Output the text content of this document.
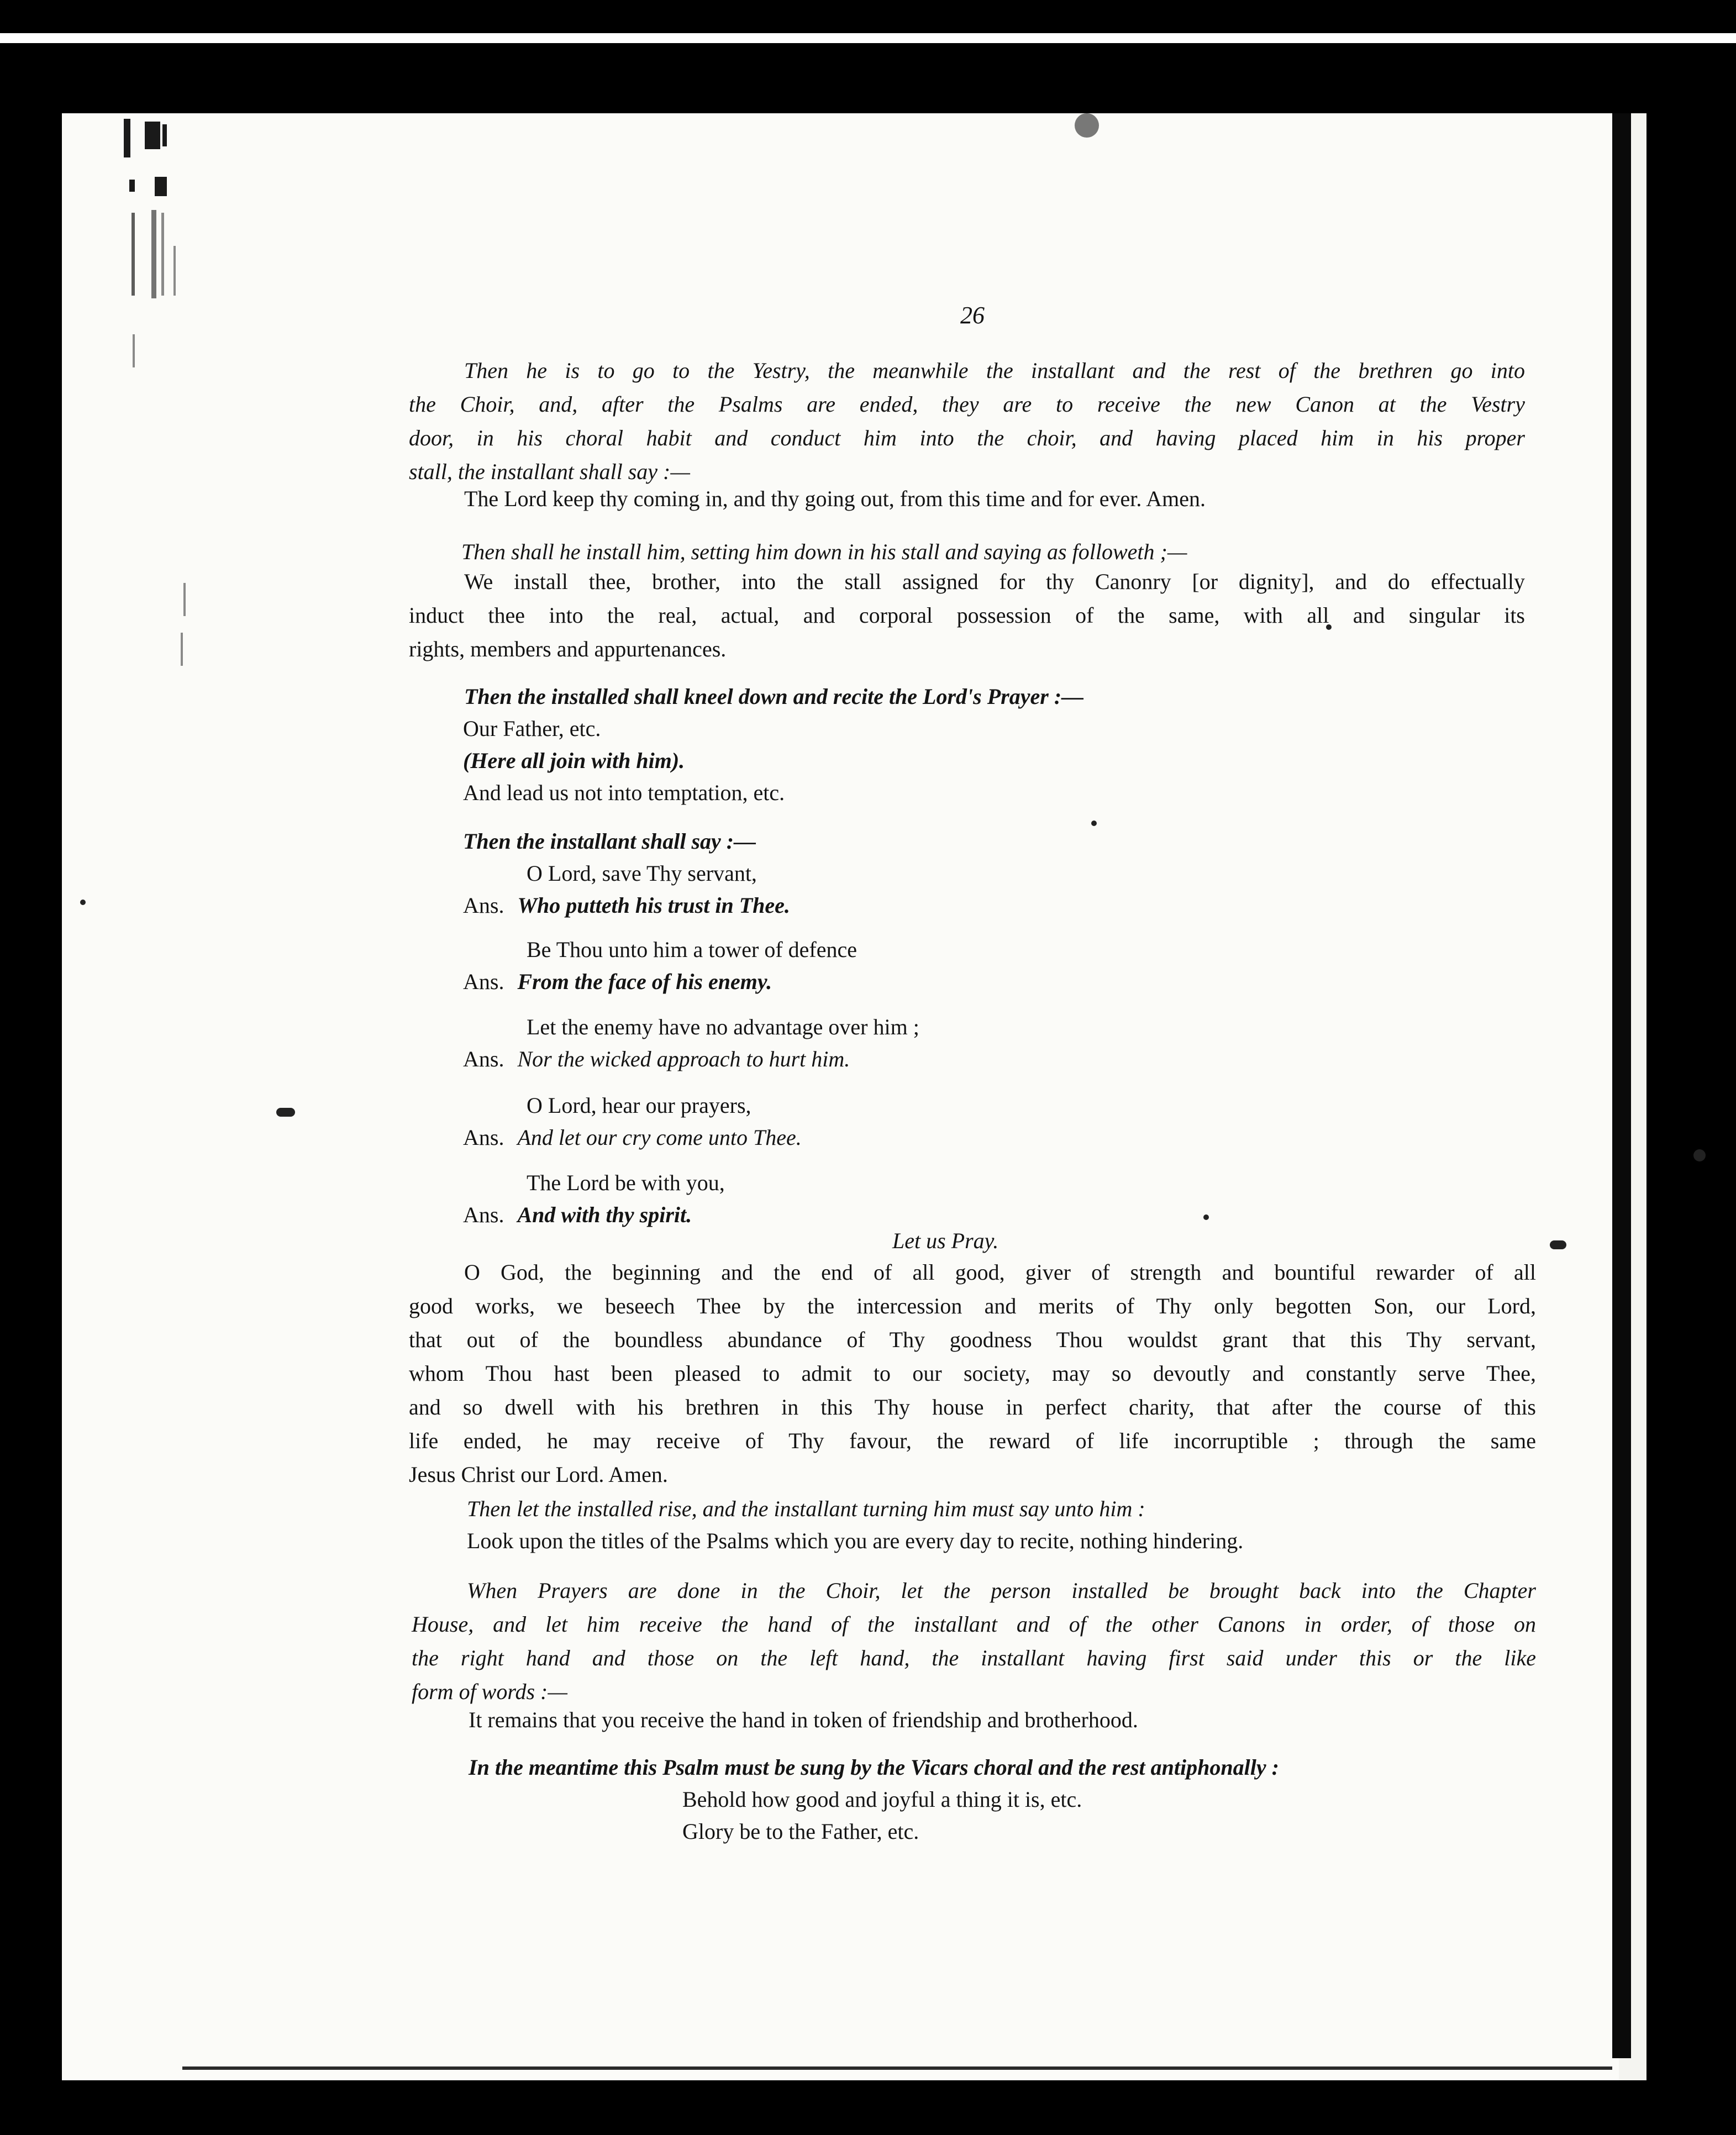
26
Then he is to go to the Yestry, the meanwhile the installant and the rest of the brethren go into
the Choir, and, after the Psalms are ended, they are to receive the new Canon at the Vestry
door, in his choral habit and conduct him into the choir, and having placed him in his proper
stall, the installant shall say :—
The Lord keep thy coming in, and thy going out, from this time and for ever. Amen.
Then shall he install him, setting him down in his stall and saying as followeth ;—
We install thee, brother, into the stall assigned for thy Canonry [or dignity], and do effectually
induct thee into the real, actual, and corporal possession of the same, with all and singular its
rights, members and appurtenances.
Then the installed shall kneel down and recite the Lord's Prayer :—
Our Father, etc.
(Here all join with him).
And lead us not into temptation, etc.
Then the installant shall say :—
O Lord, save Thy servant,
Ans. Who putteth his trust in Thee.
Be Thou unto him a tower of defence
Ans. From the face of his enemy.
Let the enemy have no advantage over him ;
Ans. Nor the wicked approach to hurt him.
O Lord, hear our prayers,
Ans. And let our cry come unto Thee.
The Lord be with you,
Ans. And with thy spirit.
Let us Pray.
O God, the beginning and the end of all good, giver of strength and bountiful rewarder of all
good works, we beseech Thee by the intercession and merits of Thy only begotten Son, our Lord,
that out of the boundless abundance of Thy goodness Thou wouldst grant that this Thy servant,
whom Thou hast been pleased to admit to our society, may so devoutly and constantly serve Thee,
and so dwell with his brethren in this Thy house in perfect charity, that after the course of this
life ended, he may receive of Thy favour, the reward of life incorruptible ; through the same
Jesus Christ our Lord. Amen.
Then let the installed rise, and the installant turning him must say unto him :
Look upon the titles of the Psalms which you are every day to recite, nothing hindering.
When Prayers are done in the Choir, let the person installed be brought back into the Chapter
House, and let him receive the hand of the installant and of the other Canons in order, of those on
the right hand and those on the left hand, the installant having first said under this or the like
form of words :—
It remains that you receive the hand in token of friendship and brotherhood.
In the meantime this Psalm must be sung by the Vicars choral and the rest antiphonally :
Behold how good and joyful a thing it is, etc.
Glory be to the Father, etc.
